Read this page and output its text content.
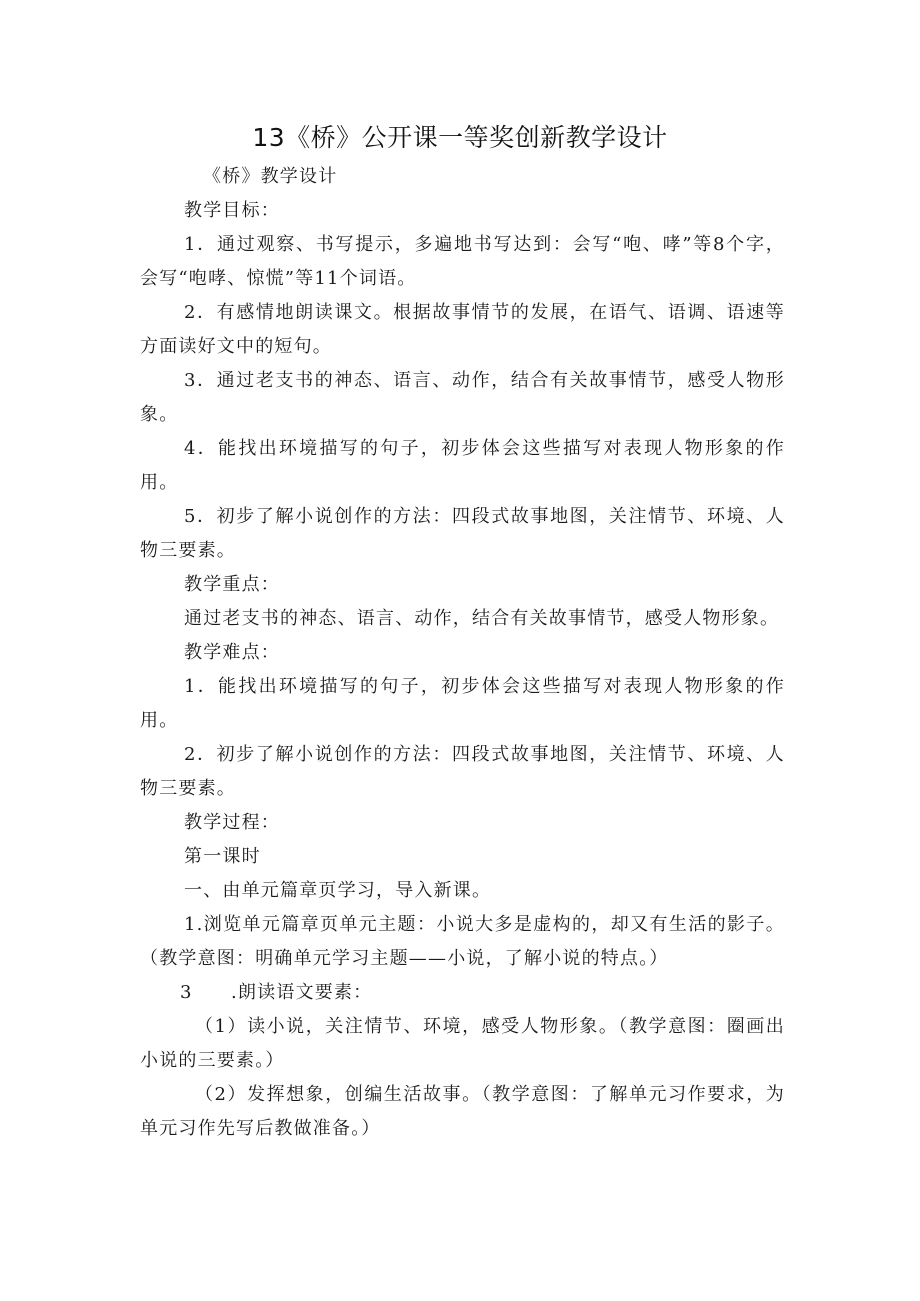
13《桥》公开课一等奖创新教学设计

《桥》教学设计

教学目标：

1．通过观察、书写提示，多遍地书写达到：会写“咆、哮”等8个字，会写“咆哮、惊慌”等11个词语。

2．有感情地朗读课文。根据故事情节的发展，在语气、语调、语速等方面读好文中的短句。

3．通过老支书的神态、语言、动作，结合有关故事情节，感受人物形象。

4．能找出环境描写的句子，初步体会这些描写对表现人物形象的作用。

5．初步了解小说创作的方法：四段式故事地图，关注情节、环境、人物三要素。

教学重点：

通过老支书的神态、语言、动作，结合有关故事情节，感受人物形象。

教学难点：

1．能找出环境描写的句子，初步体会这些描写对表现人物形象的作用。

2．初步了解小说创作的方法：四段式故事地图，关注情节、环境、人物三要素。

教学过程：

第一课时

一、由单元篇章页学习，导入新课。

1.浏览单元篇章页单元主题：小说大多是虚构的，却又有生活的影子。（教学意图：明确单元学习主题——小说，了解小说的特点。）

3　　.朗读语文要素：

（1）读小说，关注情节、环境，感受人物形象。（教学意图：圈画出小说的三要素。）

（2）发挥想象，创编生活故事。（教学意图：了解单元习作要求，为单元习作先写后教做准备。）
